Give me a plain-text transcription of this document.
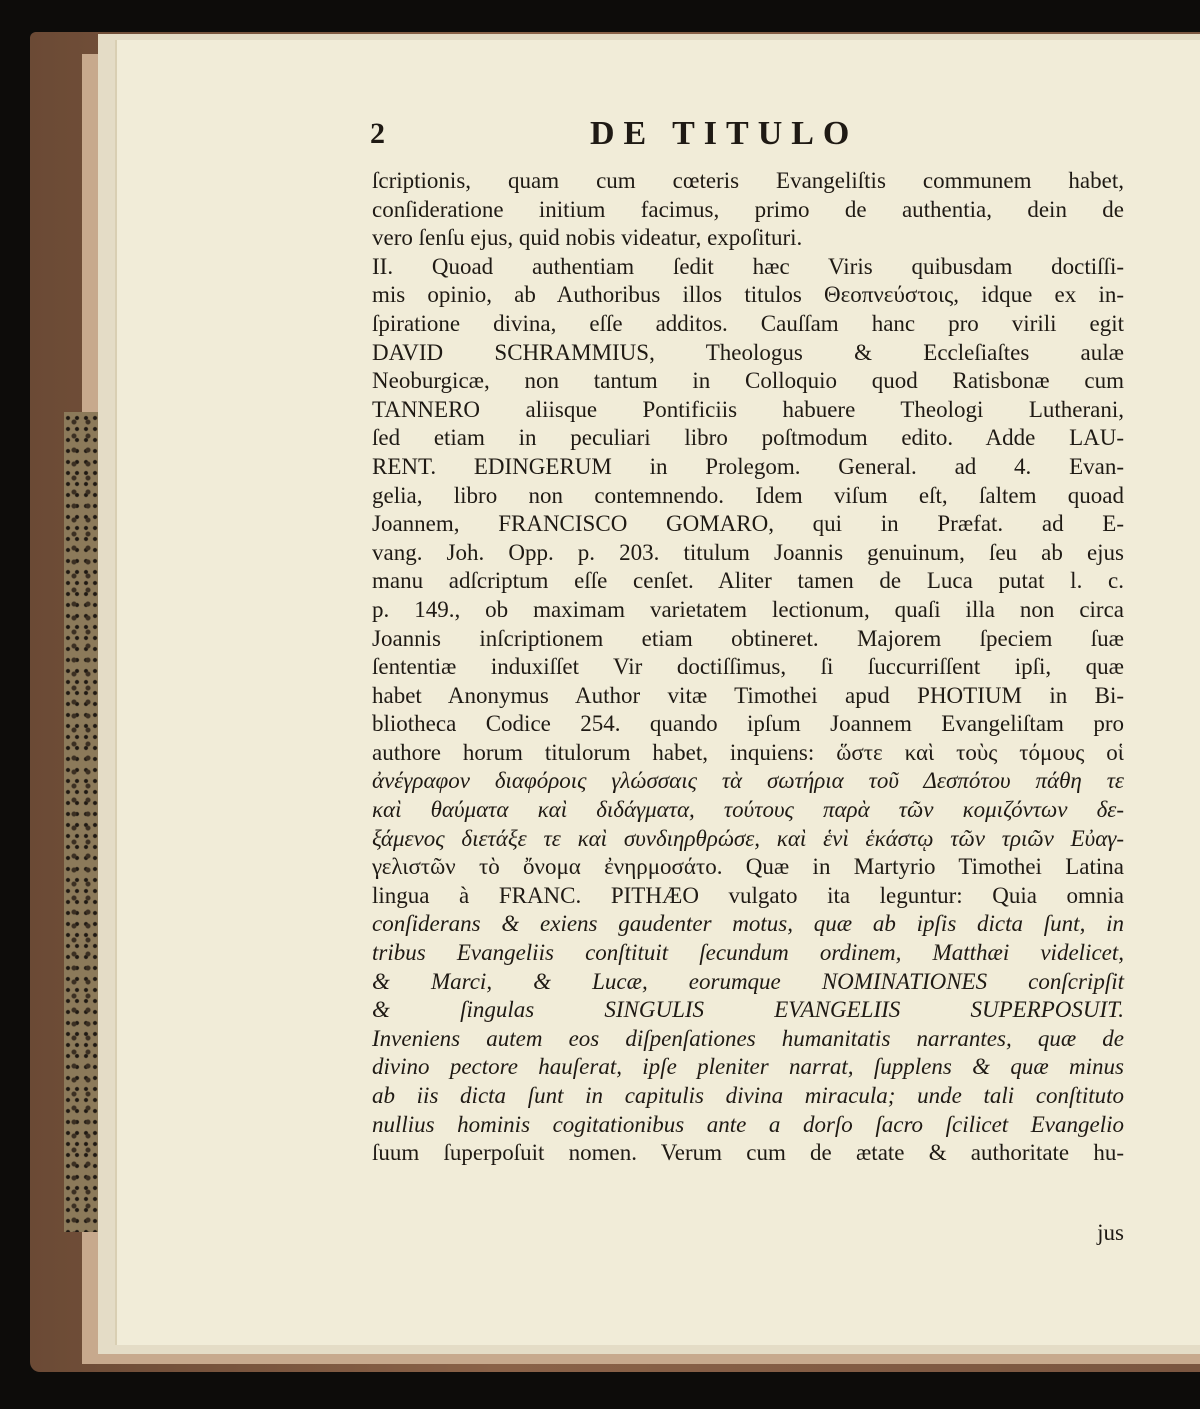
2	DE TITULO
ſcriptionis, quam cum cœteris Evangeliſtis communem habet,
conſideratione initium facimus, primo de authentia, dein de
vero ſenſu ejus, quid nobis videatur, expoſituri.
II. Quoad authentiam ſedit hæc Viris quibusdam doctiſſi-
mis opinio, ab Authoribus illos titulos Θεοπνεύστοις, idque ex in-
ſpiratione divina, eſſe additos. Cauſſam hanc pro virili egit
DAVID SCHRAMMIUS, Theologus & Eccleſiaſtes aulæ
Neoburgicæ, non tantum in Colloquio quod Ratisbonæ cum
TANNERO aliisque Pontificiis habuere Theologi Lutherani,
ſed etiam in peculiari libro poſtmodum edito. Adde LAU-
RENT. EDINGERUM in Prolegom. General. ad 4. Evan-
gelia, libro non contemnendo. Idem viſum eſt, ſaltem quoad
Joannem, FRANCISCO GOMARO, qui in Præfat. ad E-
vang. Joh. Opp. p. 203. titulum Joannis genuinum, ſeu ab ejus
manu adſcriptum eſſe cenſet. Aliter tamen de Luca putat l. c.
p. 149., ob maximam varietatem lectionum, quaſi illa non circa
Joannis inſcriptionem etiam obtineret. Majorem ſpeciem ſuæ
ſententiæ induxiſſet Vir doctiſſimus, ſi ſuccurriſſent ipſi, quæ
habet Anonymus Author vitæ Timothei apud PHOTIUM in Bi-
bliotheca Codice 254. quando ipſum Joannem Evangeliſtam pro
authore horum titulorum habet, inquiens: ὥστε καὶ τοὺς τόμους οἱ
ἀνέγραφον διαφόροις γλώσσαις τὰ σωτήρια τοῦ Δεσπότου πάθη τε
καὶ θαύματα καὶ διδάγματα, τούτους παρὰ τῶν κομιζόντων δε-
ξάμενος διετάξε τε καὶ συνδιηρθρώσε, καὶ ἑνὶ ἑκάστῳ τῶν τριῶν Εὐαγ-
γελιστῶν τὸ ὄνομα ἐνηρμοσάτο. Quæ in Martyrio Timothei Latina
lingua à FRANC. PITHÆO vulgato ita leguntur: Quia omnia
conſiderans & exiens gaudenter motus, quæ ab ipſis dicta ſunt, in
tribus Evangeliis conſtituit ſecundum ordinem, Matthæi videlicet,
& Marci, & Lucæ, eorumque NOMINATIONES conſcripſit
& ſingulas SINGULIS EVANGELIIS SUPERPOSUIT.
Inveniens autem eos diſpenſationes humanitatis narrantes, quæ de
divino pectore hauſerat, ipſe pleniter narrat, ſupplens & quæ minus
ab iis dicta ſunt in capitulis divina miracula; unde tali conſtituto
nullius hominis cogitationibus ante a dorſo ſacro ſcilicet Evangelio
ſuum ſuperpoſuit nomen. Verum cum de ætate & authoritate hu-
jus
